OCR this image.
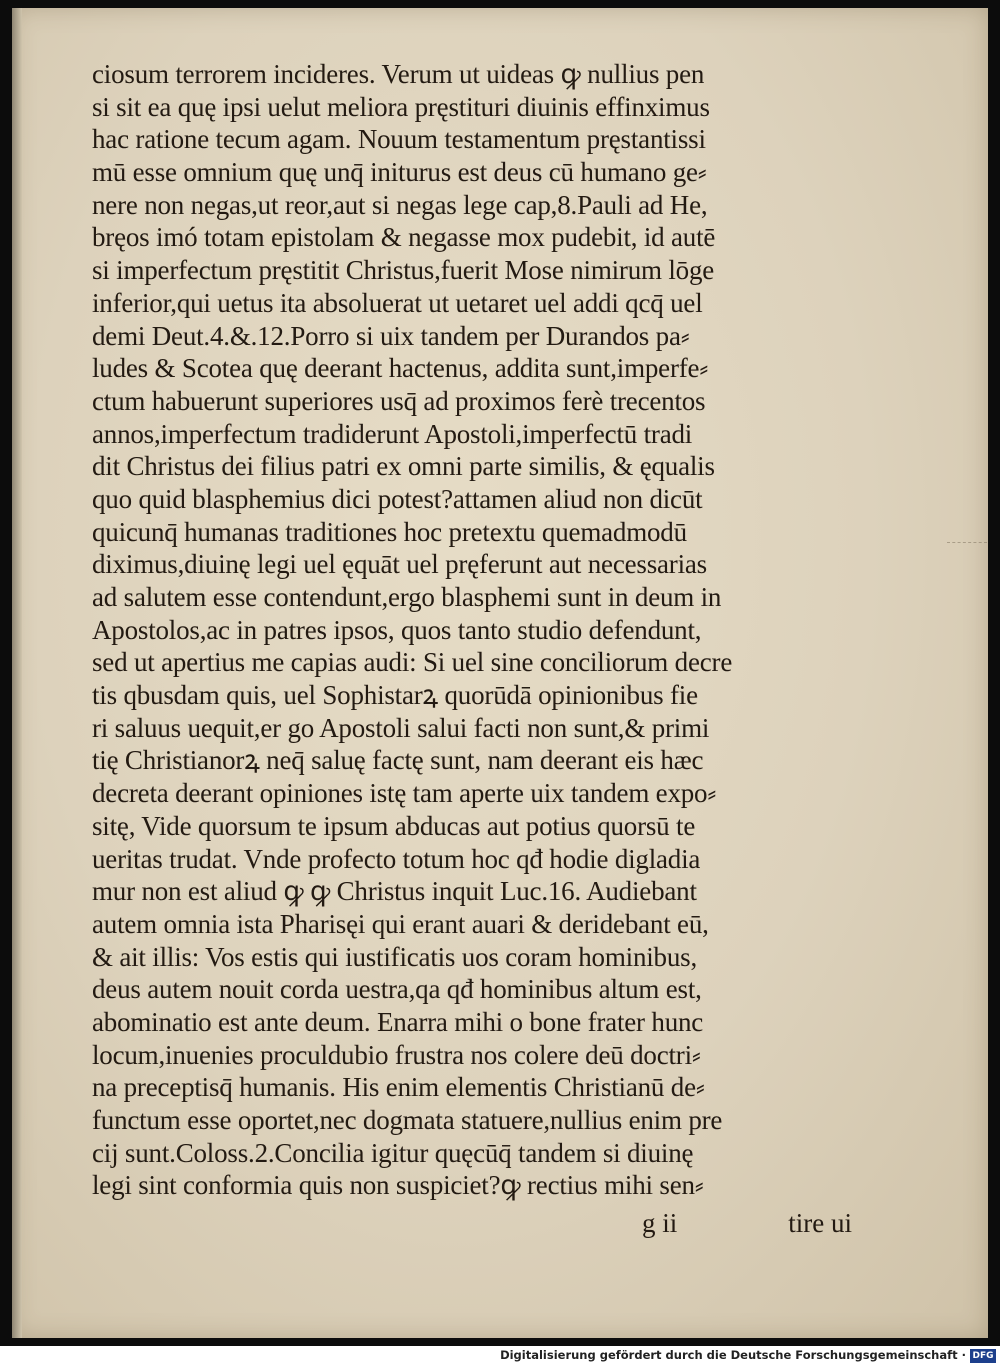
ciosum terrorem incideres. Verum ut uideas ꝙ nullius pen
si sit ea quę ipsi uelut meliora pręstituri diuinis effinximus
hac ratione tecum agam. Nouum testamentum pręstantissi
mū esse omnium quę unq̄ initurus est deus cū humano ge⸗
nere non negas,ut reor,aut si negas lege cap,8.Pauli ad He,
bręos imó totam epistolam & negasse mox pudebit, id autē
si imperfectum pręstitit Christus,fuerit Mose nimirum lōge
inferior,qui uetus ita absoluerat ut uetaret uel addi qcq̄ uel
demi Deut.4.&.12.Porro si uix tandem per Durandos pa⸗
ludes & Scotea quę deerant hactenus, addita sunt,imperfe⸗
ctum habuerunt superiores usq̄ ad proximos ferè trecentos
annos,imperfectum tradiderunt Apostoli,imperfectū tradi
dit Christus dei filius patri ex omni parte similis, & ęqualis
quo quid blasphemius dici potest?attamen aliud non dicūt
quicunq̄ humanas traditiones hoc pretextu quemadmodū
diximus,diuinę legi uel ęquāt uel pręferunt aut necessarias
ad salutem esse contendunt,ergo blasphemi sunt in deum in
Apostolos,ac in patres ipsos, quos tanto studio defendunt,
sed ut apertius me capias audi: Si uel sine conciliorum decre
tis qbusdam quis, uel Sophistarꝝ quorūdā opinionibus fie
ri saluus uequit,er go Apostoli salui facti non sunt,& primi
tię Christianorꝝ neq̄ saluę factę sunt, nam deerant eis hæc
decreta deerant opiniones istę tam aperte uix tandem expo⸗
sitę, Vide quorsum te ipsum abducas aut potius quorsū te
ueritas trudat. Vnde profecto totum hoc qđ hodie digladia
mur non est aliud ꝙ ꝙ Christus inquit Luc.16. Audiebant
autem omnia ista Pharisęi qui erant auari & deridebant eū,
& ait illis: Vos estis qui iustificatis uos coram hominibus,
deus autem nouit corda uestra,qa qđ hominibus altum est,
abominatio est ante deum. Enarra mihi o bone frater hunc
locum,inuenies proculdubio frustra nos colere deū doctri⸗
na preceptisq̄ humanis. His enim elementis Christianū de⸗
functum esse oportet,nec dogmata statuere,nullius enim pre
cij sunt.Coloss.2.Concilia igitur quęcūq̄ tandem si diuinę
legi sint conformia quis non suspiciet?ꝙ rectius mihi sen⸗
g ii	tire ui
Digitalisierung gefördert durch die Deutsche Forschungsgemeinschaft · DFG
